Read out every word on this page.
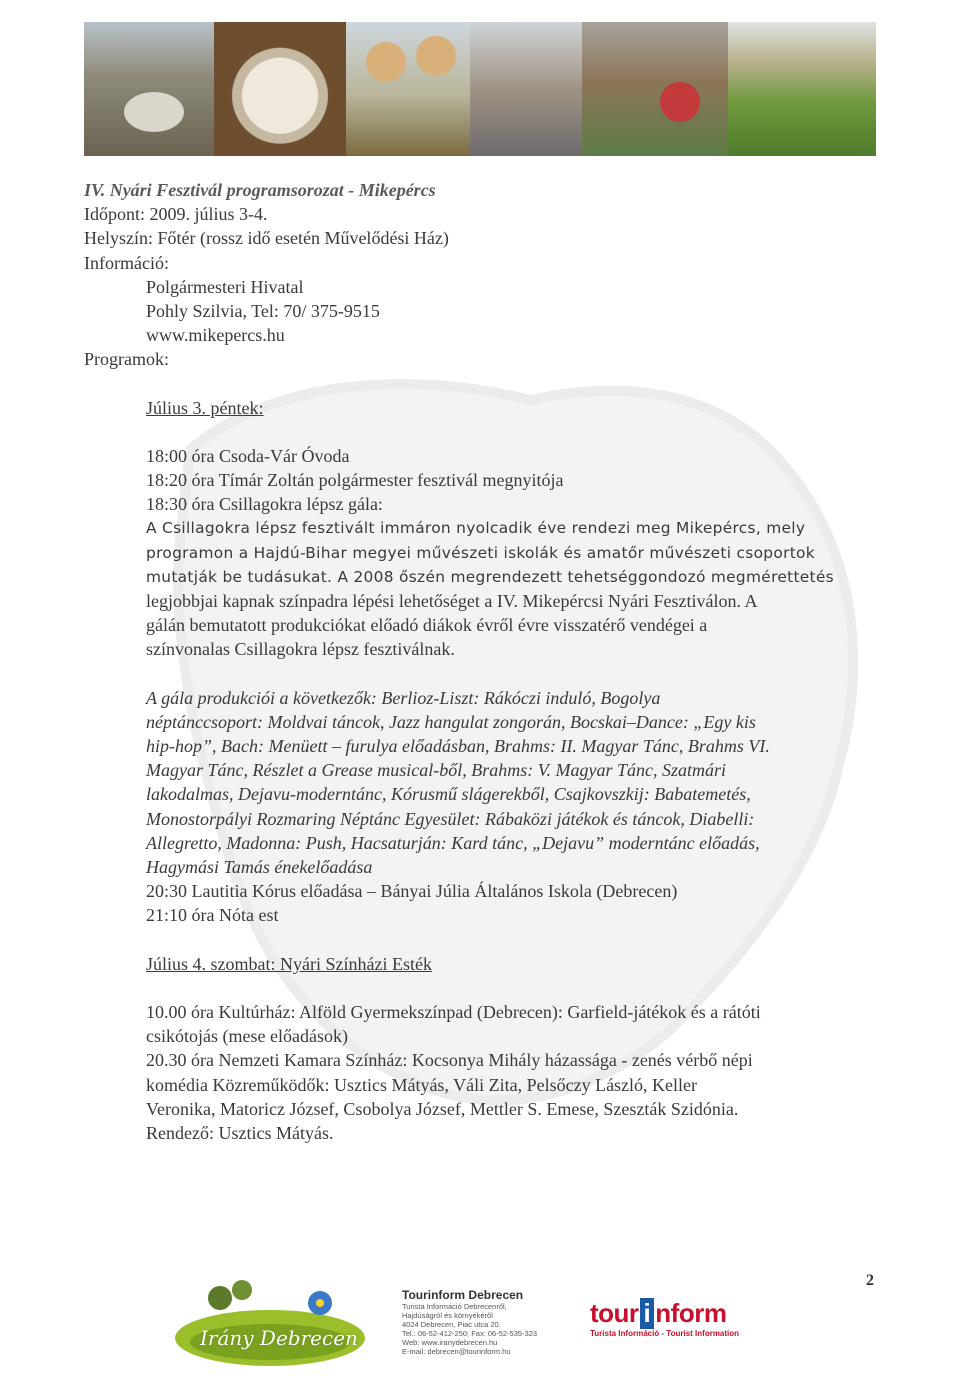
IV. Nyári Fesztivál programsorozat - Mikepércs
Időpont: 2009. július 3-4.
Helyszín: Főtér (rossz idő esetén Művelődési Ház)
Információ:
Polgármesteri Hivatal
Pohly Szilvia, Tel: 70/ 375-9515
www.mikepercs.hu
Programok:
Július 3. péntek:
18:00 óra Csoda-Vár Óvoda
18:20 óra Tímár Zoltán polgármester fesztivál megnyitója
18:30 óra Csillagokra lépsz gála:
A Csillagokra lépsz fesztivált immáron nyolcadik éve rendezi meg Mikepércs, mely
programon a Hajdú-Bihar megyei művészeti iskolák és amatőr művészeti csoportok
mutatják be tudásukat. A 2008 őszén megrendezett tehetséggondozó megmérettetés
legjobbjai kapnak színpadra lépési lehetőséget a IV. Mikepércsi Nyári Fesztiválon. A
gálán bemutatott produkciókat előadó diákok évről évre visszatérő vendégei a
színvonalas Csillagokra lépsz fesztiválnak.
A gála produkciói a következők: Berlioz-Liszt: Rákóczi induló, Bogolya
néptánccsoport: Moldvai táncok, Jazz hangulat zongorán, Bocskai–Dance: „Egy kis
hip-hop”, Bach: Menüett – furulya előadásban, Brahms: II. Magyar Tánc, Brahms VI.
Magyar Tánc, Részlet a Grease musical-ből, Brahms: V. Magyar Tánc, Szatmári
lakodalmas, Dejavu-moderntánc, Kórusmű slágerekből, Csajkovszkij: Babatemetés,
Monostorpályi Rozmaring Néptánc Egyesület: Rábaközi játékok és táncok, Diabelli:
Allegretto, Madonna: Push, Hacsaturján: Kard tánc, „Dejavu” moderntánc előadás,
Hagymási Tamás énekelőadása
20:30 Lautitia Kórus előadása – Bányai Júlia Általános Iskola (Debrecen)
21:10 óra Nóta est
Július 4. szombat: Nyári Színházi Esték
10.00 óra Kultúrház: Alföld Gyermekszínpad (Debrecen): Garfield-játékok és a rátóti
csikótojás (mese előadások)
20.30 óra Nemzeti Kamara Színház: Kocsonya Mihály házassága - zenés vérbő népi
komédia Közreműködők: Usztics Mátyás, Váli Zita, Pelsőczy László, Keller
Veronika, Matoricz József, Csobolya József, Mettler S. Emese, Szeszták Szidónia.
Rendező: Usztics Mátyás.
2
Irány Debrecen
Tourinform Debrecen
Turista Információ Debrecenről,
Hajdúságról és környékéről
4024 Debrecen, Piac utca 20.
Tel.: 06-52-412-250; Fax: 06-52-535-323
Web: www.iranydebrecen.hu
E-mail: debrecen@tourinform.hu
tour i nform
Turista Információ - Tourist Information
